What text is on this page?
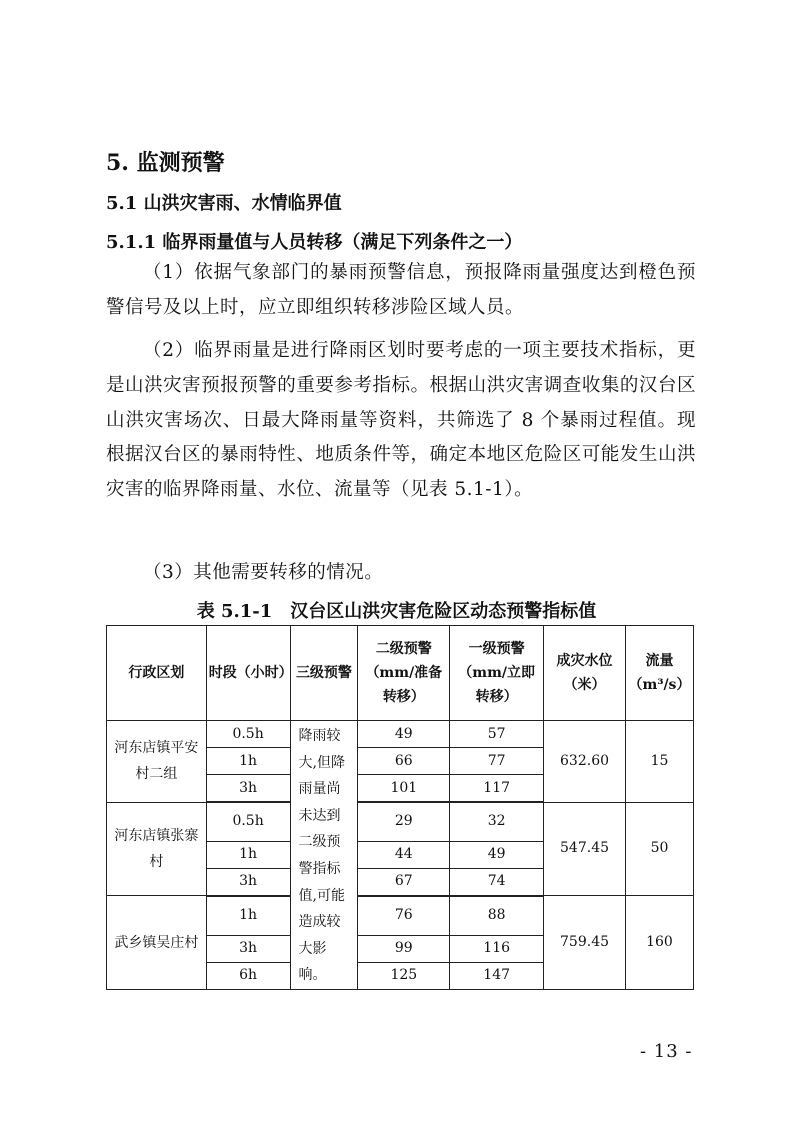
5. 监测预警
5.1 山洪灾害雨、水情临界值
5.1.1 临界雨量值与人员转移（满足下列条件之一）

（1）依据气象部门的暴雨预警信息，预报降雨量强度达到橙色预警信号及以上时，应立即组织转移涉险区域人员。

（2）临界雨量是进行降雨区划时要考虑的一项主要技术指标，更是山洪灾害预报预警的重要参考指标。根据山洪灾害调查收集的汉台区山洪灾害场次、日最大降雨量等资料，共筛选了 8 个暴雨过程值。现根据汉台区的暴雨特性、地质条件等，确定本地区危险区可能发生山洪灾害的临界降雨量、水位、流量等（见表 5.1-1）。

（3）其他需要转移的情况。

表 5.1-1　汉台区山洪灾害危险区动态预警指标值
行政区划	时段（小时）	三级预警	二级预警（mm/准备转移）	一级预警（mm/立即转移）	成灾水位（米）	流量（m³/s）
河东店镇平安村二组	0.5h	降雨较大,但降雨量尚未达到二级预警指标值,可能造成较大影响。	49	57	632.60	15
	1h		66	77		
	3h		101	117		
河东店镇张寨村	0.5h		29	32	547.45	50
	1h		44	49		
	3h		67	74		
武乡镇吴庄村	1h		76	88	759.45	160
	3h		99	116		
	6h		125	147		
- 13 -
